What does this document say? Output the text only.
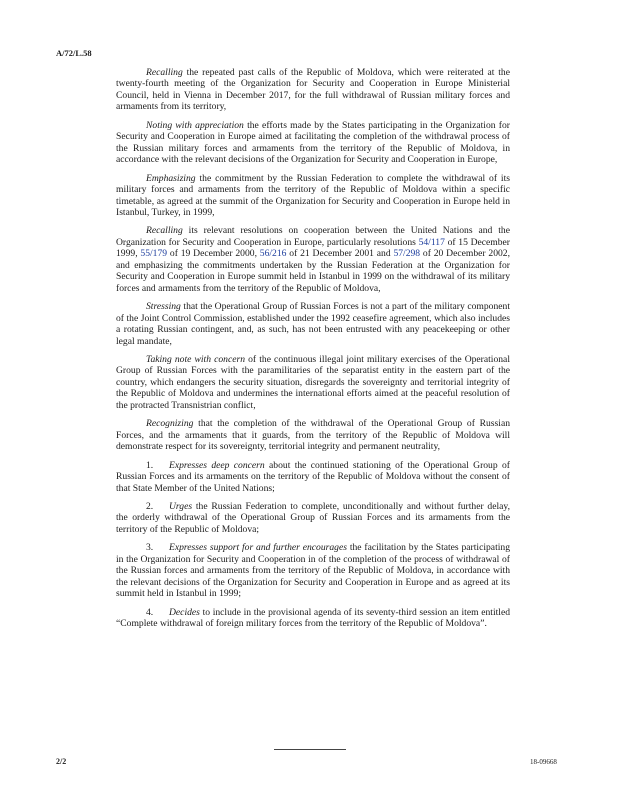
A/72/L.58

Recalling the repeated past calls of the Republic of Moldova, which were reiterated at the twenty-fourth meeting of the Organization for Security and Cooperation in Europe Ministerial Council, held in Vienna in December 2017, for the full withdrawal of Russian military forces and armaments from its territory,

Noting with appreciation the efforts made by the States participating in the Organization for Security and Cooperation in Europe aimed at facilitating the completion of the withdrawal process of the Russian military forces and armaments from the territory of the Republic of Moldova, in accordance with the relevant decisions of the Organization for Security and Cooperation in Europe,

Emphasizing the commitment by the Russian Federation to complete the withdrawal of its military forces and armaments from the territory of the Republic of Moldova within a specific timetable, as agreed at the summit of the Organization for Security and Cooperation in Europe held in Istanbul, Turkey, in 1999,

Recalling its relevant resolutions on cooperation between the United Nations and the Organization for Security and Cooperation in Europe, particularly resolutions 54/117 of 15 December 1999, 55/179 of 19 December 2000, 56/216 of 21 December 2001 and 57/298 of 20 December 2002, and emphasizing the commitments undertaken by the Russian Federation at the Organization for Security and Cooperation in Europe summit held in Istanbul in 1999 on the withdrawal of its military forces and armaments from the territory of the Republic of Moldova,

Stressing that the Operational Group of Russian Forces is not a part of the military component of the Joint Control Commission, established under the 1992 ceasefire agreement, which also includes a rotating Russian contingent, and, as such, has not been entrusted with any peacekeeping or other legal mandate,

Taking note with concern of the continuous illegal joint military exercises of the Operational Group of Russian Forces with the paramilitaries of the separatist entity in the eastern part of the country, which endangers the security situation, disregards the sovereignty and territorial integrity of the Republic of Moldova and undermines the international efforts aimed at the peaceful resolution of the protracted Transnistrian conflict,

Recognizing that the completion of the withdrawal of the Operational Group of Russian Forces, and the armaments that it guards, from the territory of the Republic of Moldova will demonstrate respect for its sovereignty, territorial integrity and permanent neutrality,

1. Expresses deep concern about the continued stationing of the Operational Group of Russian Forces and its armaments on the territory of the Republic of Moldova without the consent of that State Member of the United Nations;

2. Urges the Russian Federation to complete, unconditionally and without further delay, the orderly withdrawal of the Operational Group of Russian Forces and its armaments from the territory of the Republic of Moldova;

3. Expresses support for and further encourages the facilitation by the States participating in the Organization for Security and Cooperation in of the completion of the process of withdrawal of the Russian forces and armaments from the territory of the Republic of Moldova, in accordance with the relevant decisions of the Organization for Security and Cooperation in Europe and as agreed at its summit held in Istanbul in 1999;

4. Decides to include in the provisional agenda of its seventy-third session an item entitled “Complete withdrawal of foreign military forces from the territory of the Republic of Moldova”.

2/2	18-09668
